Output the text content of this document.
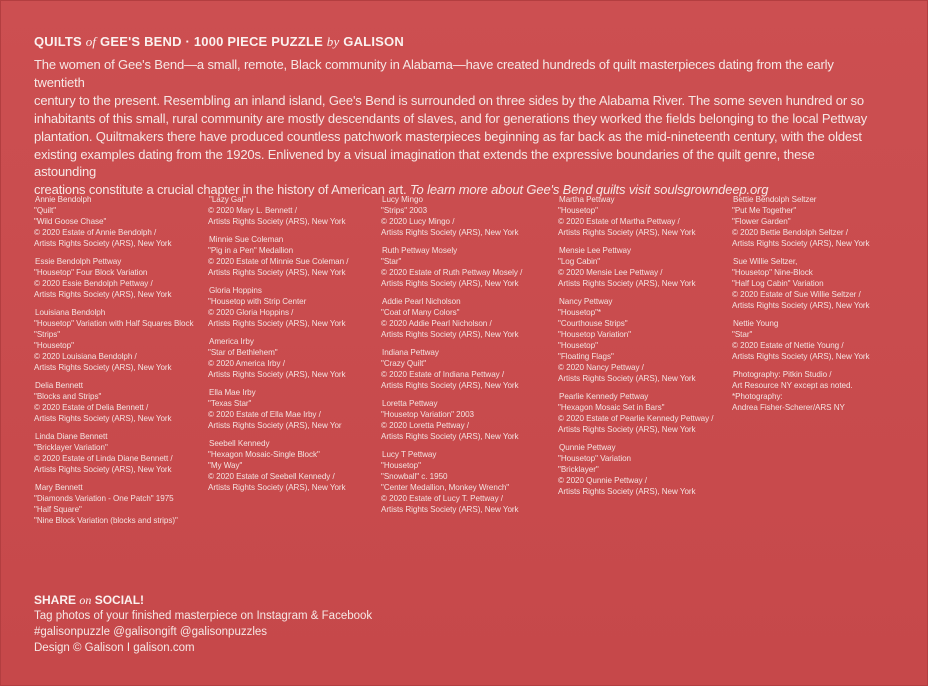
QUILTS of GEE'S BEND · 1000 PIECE PUZZLE by GALISON
The women of Gee's Bend—a small, remote, Black community in Alabama—have created hundreds of quilt masterpieces dating from the early twentieth
century to the present. Resembling an inland island, Gee's Bend is surrounded on three sides by the Alabama River. The some seven hundred or so
inhabitants of this small, rural community are mostly descendants of slaves, and for generations they worked the fields belonging to the local Pettway
plantation. Quiltmakers there have produced countless patchwork masterpieces beginning as far back as the mid-nineteenth century, with the oldest
existing examples dating from the 1920s. Enlivened by a visual imagination that extends the expressive boundaries of the quilt genre, these astounding
creations constitute a crucial chapter in the history of American art. To learn more about Gee's Bend quilts visit soulsgrowndeep.org
Annie Bendolph
"Quilt"
"Wild Goose Chase"
© 2020 Estate of Annie Bendolph /
Artists Rights Society (ARS), New York
Essie Bendolph Pettway
"Housetop" Four Block Variation
© 2020 Essie Bendolph Pettway /
Artists Rights Society (ARS), New York
Louisiana Bendolph
"Housetop" Variation with Half Squares Block
"Strips"
"Housetop"
© 2020 Louisiana Bendolph /
Artists Rights Society (ARS), New York
Delia Bennett
"Blocks and Strips"
© 2020 Estate of Delia Bennett /
Artists Rights Society (ARS), New York
Linda Diane Bennett
"Bricklayer Variation"
© 2020 Estate of Linda Diane Bennett /
Artists Rights Society (ARS), New York
Mary Bennett
"Diamonds Variation - One Patch" 1975
"Half Square"
"Nine Block Variation (blocks and strips)"
"Lazy Gal"
© 2020 Mary L. Bennett /
Artists Rights Society (ARS), New York
Minnie Sue Coleman
"Pig in a Pen" Medallion
© 2020 Estate of Minnie Sue Coleman /
Artists Rights Society (ARS), New York
Gloria Hoppins
"Housetop with Strip Center
© 2020 Gloria Hoppins /
Artists Rights Society (ARS), New York
America Irby
"Star of Bethlehem"
© 2020 America Irby /
Artists Rights Society (ARS), New York
Ella Mae Irby
"Texas Star"
© 2020 Estate of Ella Mae Irby /
Artists Rights Society (ARS), New Yor
Seebell Kennedy
"Hexagon Mosaic-Single Block"
"My Way"
© 2020 Estate of Seebell Kennedy /
Artists Rights Society (ARS), New York
Lucy Mingo
"Strips" 2003
© 2020 Lucy Mingo /
Artists Rights Society (ARS), New York
Ruth Pettway Mosely
"Star"
© 2020 Estate of Ruth Pettway Mosely /
Artists Rights Society (ARS), New York
Addie Pearl Nicholson
"Coat of Many Colors"
© 2020 Addie Pearl Nicholson /
Artists Rights Society (ARS), New York
Indiana Pettway
"Crazy Quilt"
© 2020 Estate of Indiana Pettway /
Artists Rights Society (ARS), New York
Loretta Pettway
"Housetop Variation" 2003
© 2020 Loretta Pettway /
Artists Rights Society (ARS), New York
Lucy T Pettway
"Housetop"
"Snowball" c. 1950
"Center Medallion, Monkey Wrench"
© 2020 Estate of Lucy T. Pettway /
Artists Rights Society (ARS), New York
Martha Pettway
"Housetop"
© 2020 Estate of Martha Pettway /
Artists Rights Society (ARS), New York
Mensie Lee Pettway
"Log Cabin"
© 2020 Mensie Lee Pettway /
Artists Rights Society (ARS), New York
Nancy Pettway
"Housetop"*
"Courthouse Strips"
"Housetop Variation"
"Housetop"
"Floating Flags"
© 2020 Nancy Pettway /
Artists Rights Society (ARS), New York
Pearlie Kennedy Pettway
"Hexagon Mosaic Set in Bars"
© 2020 Estate of Pearlie Kennedy Pettway /
Artists Rights Society (ARS), New York
Qunnie Pettway
"Housetop" Variation
"Bricklayer"
© 2020 Qunnie Pettway /
Artists Rights Society (ARS), New York
Bettie Bendolph Seltzer
"Put Me Together"
"Flower Garden"
© 2020 Bettie Bendolph Seltzer /
Artists Rights Society (ARS), New York
Sue Willie Seltzer,
"Housetop" Nine-Block
"Half Log Cabin" Variation
© 2020 Estate of Sue Willie Seltzer /
Artists Rights Society (ARS), New York
Nettie Young
"Star"
© 2020 Estate of Nettie Young /
Artists Rights Society (ARS), New York
Photography: Pitkin Studio /
Art Resource NY except as noted.
*Photography:
Andrea Fisher-Scherer/ARS NY
SHARE on SOCIAL!
Tag photos of your finished masterpiece on Instagram & Facebook
#galisonpuzzle @galisongift @galisonpuzzles
Design © Galison I galison.com
